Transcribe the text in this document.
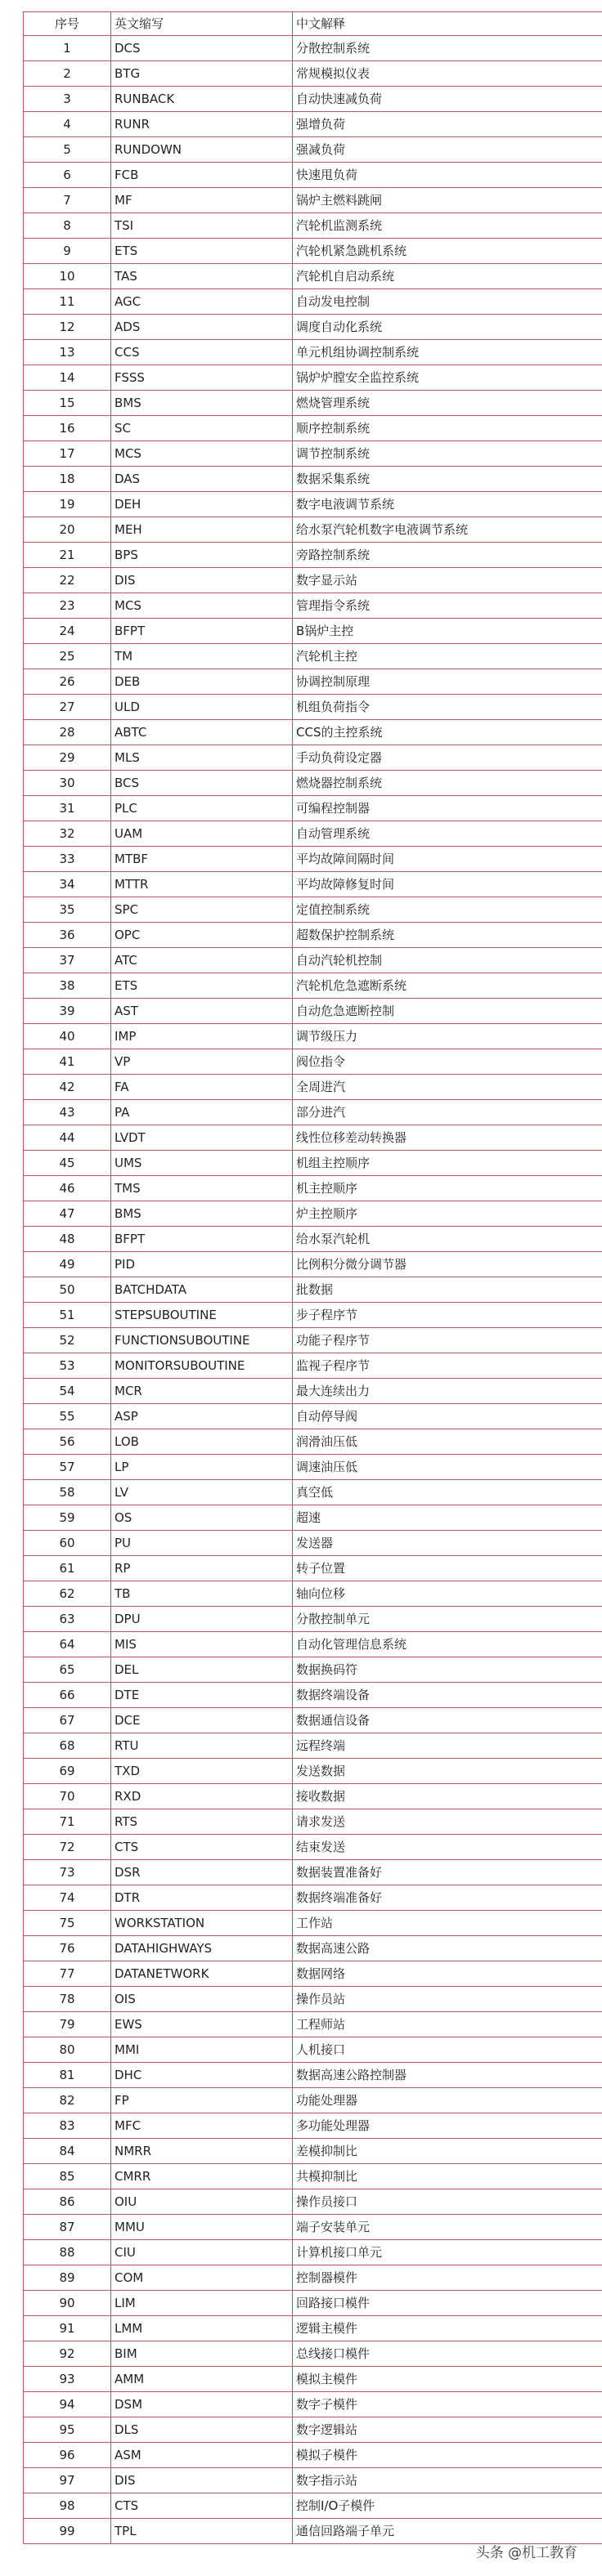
序号	英文缩写	中文解释
1	DCS	分散控制系统
2	BTG	常规模拟仪表
3	RUNBACK	自动快速减负荷
4	RUNR	强增负荷
5	RUNDOWN	强减负荷
6	FCB	快速甩负荷
7	MF	锅炉主燃料跳闸
8	TSI	汽轮机监测系统
9	ETS	汽轮机紧急跳机系统
10	TAS	汽轮机自启动系统
11	AGC	自动发电控制
12	ADS	调度自动化系统
13	CCS	单元机组协调控制系统
14	FSSS	锅炉炉膛安全监控系统
15	BMS	燃烧管理系统
16	SC	顺序控制系统
17	MCS	调节控制系统
18	DAS	数据采集系统
19	DEH	数字电液调节系统
20	MEH	给水泵汽轮机数字电液调节系统
21	BPS	旁路控制系统
22	DIS	数字显示站
23	MCS	管理指令系统
24	BFPT	B锅炉主控
25	TM	汽轮机主控
26	DEB	协调控制原理
27	ULD	机组负荷指令
28	ABTC	CCS的主控系统
29	MLS	手动负荷设定器
30	BCS	燃烧器控制系统
31	PLC	可编程控制器
32	UAM	自动管理系统
33	MTBF	平均故障间隔时间
34	MTTR	平均故障修复时间
35	SPC	定值控制系统
36	OPC	超数保护控制系统
37	ATC	自动汽轮机控制
38	ETS	汽轮机危急遮断系统
39	AST	自动危急遮断控制
40	IMP	调节级压力
41	VP	阀位指令
42	FA	全周进汽
43	PA	部分进汽
44	LVDT	线性位移差动转换器
45	UMS	机组主控顺序
46	TMS	机主控顺序
47	BMS	炉主控顺序
48	BFPT	给水泵汽轮机
49	PID	比例积分微分调节器
50	BATCHDATA	批数据
51	STEPSUBOUTINE	步子程序节
52	FUNCTIONSUBOUTINE	功能子程序节
53	MONITORSUBOUTINE	监视子程序节
54	MCR	最大连续出力
55	ASP	自动停导阀
56	LOB	润滑油压低
57	LP	调速油压低
58	LV	真空低
59	OS	超速
60	PU	发送器
61	RP	转子位置
62	TB	轴向位移
63	DPU	分散控制单元
64	MIS	自动化管理信息系统
65	DEL	数据换码符
66	DTE	数据终端设备
67	DCE	数据通信设备
68	RTU	远程终端
69	TXD	发送数据
70	RXD	接收数据
71	RTS	请求发送
72	CTS	结束发送
73	DSR	数据装置准备好
74	DTR	数据终端准备好
75	WORKSTATION	工作站
76	DATAHIGHWAYS	数据高速公路
77	DATANETWORK	数据网络
78	OIS	操作员站
79	EWS	工程师站
80	MMI	人机接口
81	DHC	数据高速公路控制器
82	FP	功能处理器
83	MFC	多功能处理器
84	NMRR	差模抑制比
85	CMRR	共模抑制比
86	OIU	操作员接口
87	MMU	端子安装单元
88	CIU	计算机接口单元
89	COM	控制器模件
90	LIM	回路接口模件
91	LMM	逻辑主模件
92	BIM	总线接口模件
93	AMM	模拟主模件
94	DSM	数字子模件
95	DLS	数字逻辑站
96	ASM	模拟子模件
97	DIS	数字指示站
98	CTS	控制I/O子模件
99	TPL	通信回路端子单元
头条 @机工教育
